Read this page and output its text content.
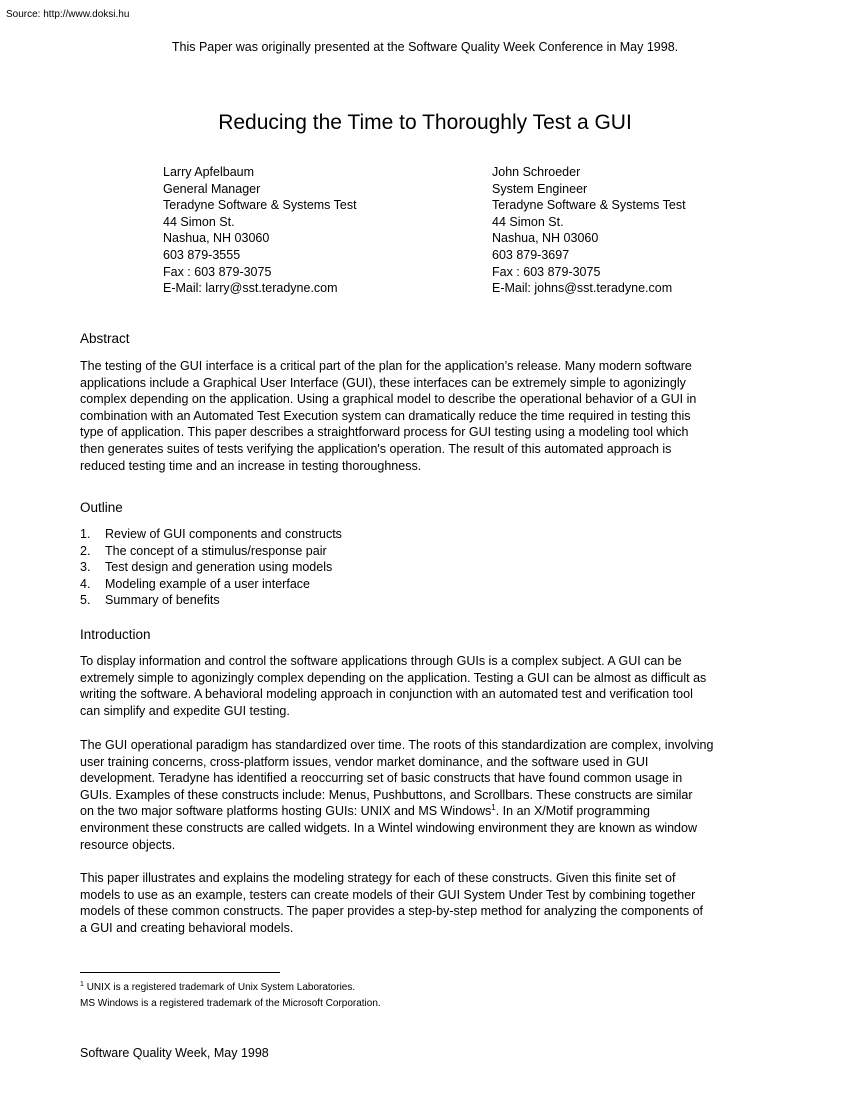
Source: http://www.doksi.hu
This Paper was originally presented at the Software Quality Week Conference in May 1998.
Reducing the Time to Thoroughly Test a GUI
Larry Apfelbaum
General Manager
Teradyne Software & Systems Test
44 Simon St.
Nashua, NH 03060
603 879-3555
Fax : 603 879-3075
E-Mail: larry@sst.teradyne.com
John Schroeder
System Engineer
Teradyne Software & Systems Test
44 Simon St.
Nashua, NH 03060
603 879-3697
Fax : 603 879-3075
E-Mail: johns@sst.teradyne.com
Abstract
The testing of the GUI interface is a critical part of the plan for the application’s release. Many modern software
applications include a Graphical User Interface (GUI), these interfaces can be extremely simple to agonizingly
complex depending on the application. Using a graphical model to describe the operational behavior of a GUI in
combination with an Automated Test Execution system can dramatically reduce the time required in testing this
type of application. This paper describes a straightforward process for GUI testing using a modeling tool which
then generates suites of tests verifying the application's operation. The result of this automated approach is
reduced testing time and an increase in testing thoroughness.
Outline
1.	Review of GUI components and constructs
2.	The concept of a stimulus/response pair
3.	Test design and generation using models
4.	Modeling example of a user interface
5.	Summary of benefits
Introduction
To display information and control the software applications through GUIs is a complex subject. A GUI can be
extremely simple to agonizingly complex depending on the application. Testing a GUI can be almost as difficult as
writing the software. A behavioral modeling approach in conjunction with an automated test and verification tool
can simplify and expedite GUI testing.
The GUI operational paradigm has standardized over time. The roots of this standardization are complex, involving
user training concerns, cross-platform issues, vendor market dominance, and the software used in GUI
development. Teradyne has identified a reoccurring set of basic constructs that have found common usage in
GUIs. Examples of these constructs include: Menus, Pushbuttons, and Scrollbars. These constructs are similar
on the two major software platforms hosting GUIs: UNIX and MS Windows$^1$. In an X/Motif programming
environment these constructs are called widgets. In a Wintel windowing environment they are known as window
resource objects.
This paper illustrates and explains the modeling strategy for each of these constructs. Given this finite set of
models to use as an example, testers can create models of their GUI System Under Test by combining together
models of these common constructs. The paper provides a step-by-step method for analyzing the components of
a GUI and creating behavioral models.
$^1$ UNIX is a registered trademark of Unix System Laboratories.
MS Windows is a registered trademark of the Microsoft Corporation.
Software Quality Week, May 1998
